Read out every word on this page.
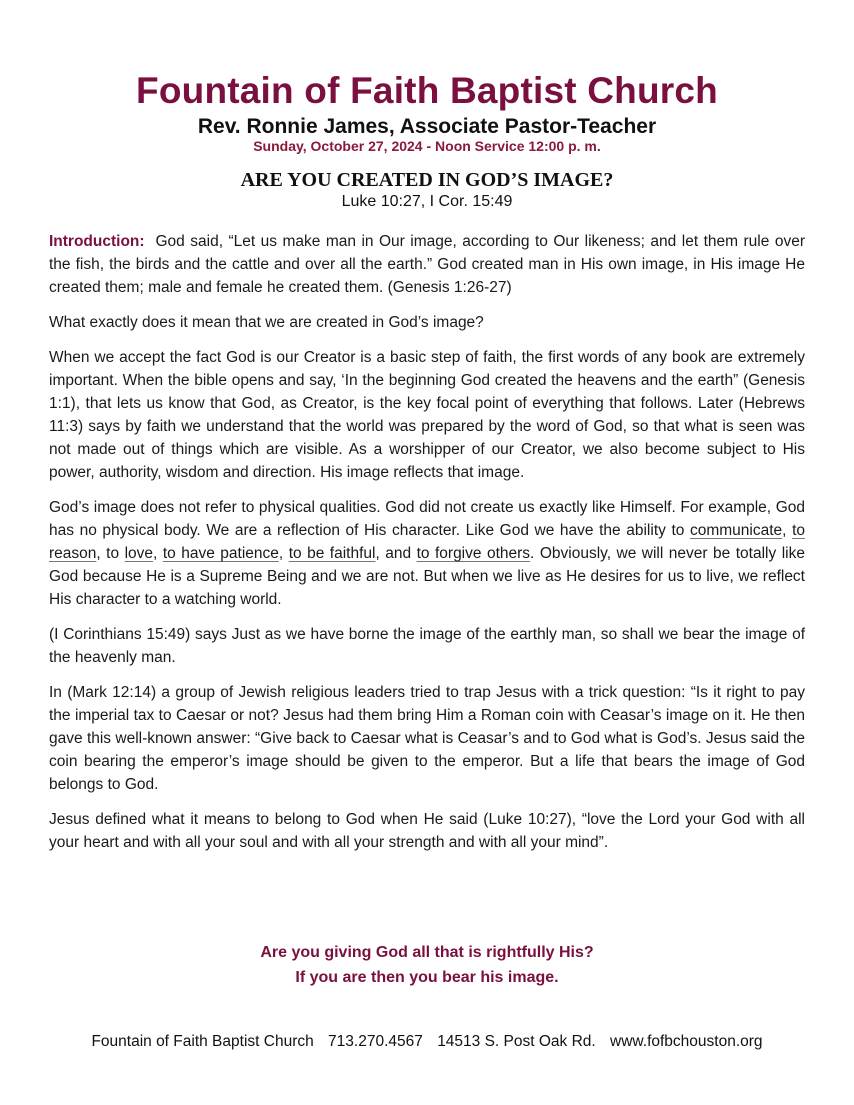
Fountain of Faith Baptist Church
Rev. Ronnie James, Associate Pastor-Teacher
Sunday, October 27, 2024 - Noon Service 12:00 p. m.
ARE YOU CREATED IN GOD’S IMAGE?
Luke 10:27, I Cor. 15:49

Introduction: God said, “Let us make man in Our image, according to Our likeness; and let them rule over the fish, the birds and the cattle and over all the earth.” God created man in His own image, in His image He created them; male and female he created them. (Genesis 1:26-27)

What exactly does it mean that we are created in God’s image?

When we accept the fact God is our Creator is a basic step of faith, the first words of any book are extremely important. When the bible opens and say, ‘In the beginning God created the heavens and the earth” (Genesis 1:1), that lets us know that God, as Creator, is the key focal point of everything that follows. Later (Hebrews 11:3) says by faith we understand that the world was prepared by the word of God, so that what is seen was not made out of things which are visible. As a worshipper of our Creator, we also become subject to His power, authority, wisdom and direction. His image reflects that image.

God’s image does not refer to physical qualities. God did not create us exactly like Himself. For example, God has no physical body. We are a reflection of His character. Like God we have the ability to communicate, to reason, to love, to have patience, to be faithful, and to forgive others. Obviously, we will never be totally like God because He is a Supreme Being and we are not. But when we live as He desires for us to live, we reflect His character to a watching world.

(I Corinthians 15:49) says Just as we have borne the image of the earthly man, so shall we bear the image of the heavenly man.

In (Mark 12:14) a group of Jewish religious leaders tried to trap Jesus with a trick question: “Is it right to pay the imperial tax to Caesar or not? Jesus had them bring Him a Roman coin with Ceasar’s image on it. He then gave this well-known answer: “Give back to Caesar what is Ceasar’s and to God what is God’s. Jesus said the coin bearing the emperor’s image should be given to the emperor. But a life that bears the image of God belongs to God.

Jesus defined what it means to belong to God when He said (Luke 10:27), “love the Lord your God with all your heart and with all your soul and with all your strength and with all your mind”.

Are you giving God all that is rightfully His?
If you are then you bear his image.
Fountain of Faith Baptist Church 713.270.4567 14513 S. Post Oak Rd. www.fofbchouston.org
